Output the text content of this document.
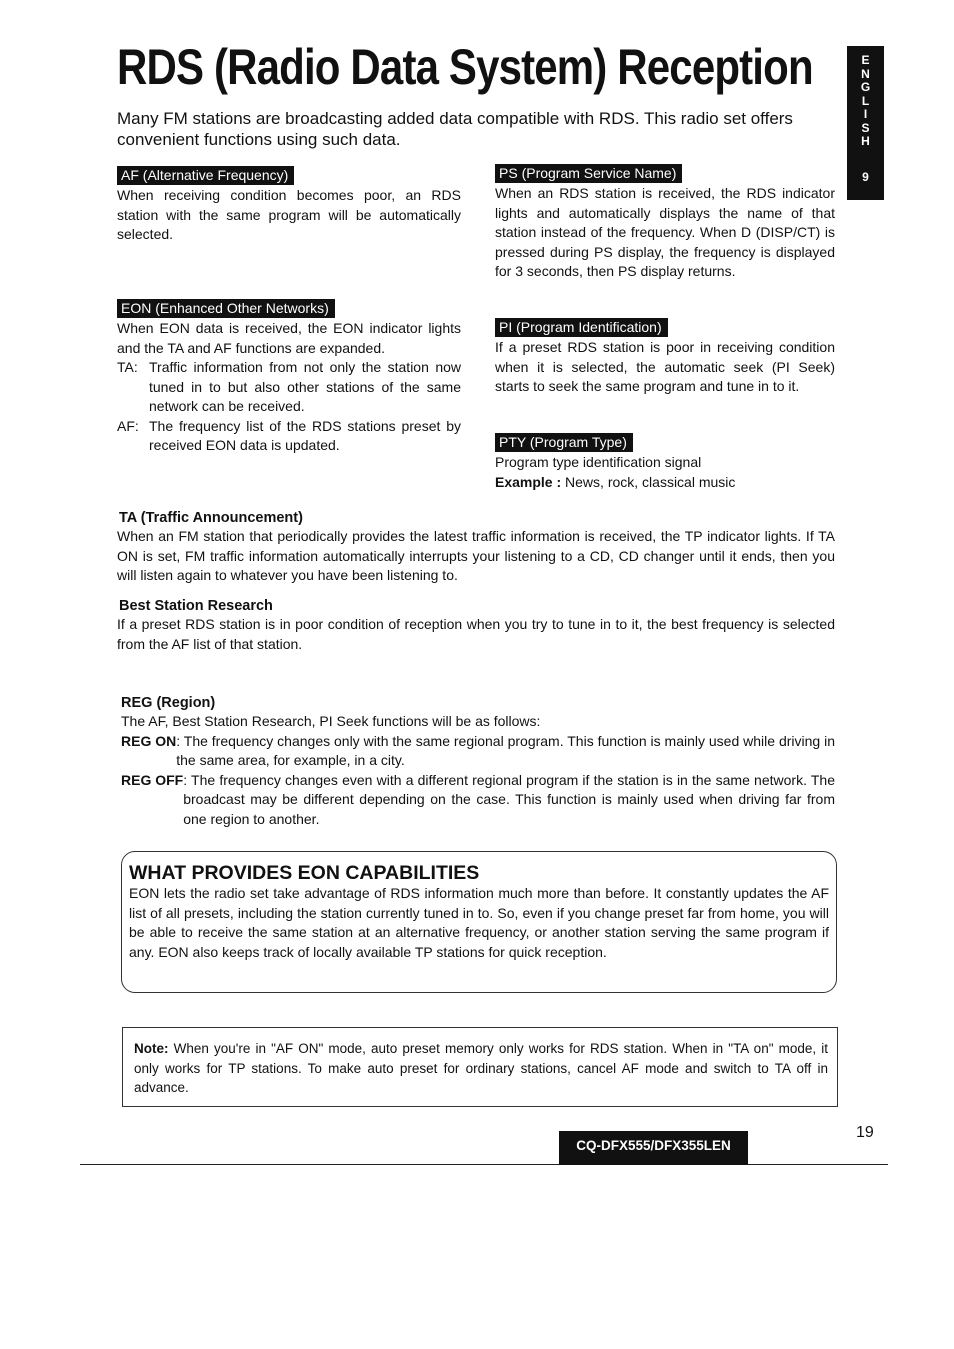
RDS (Radio Data System) Reception	E
N
G
L
I
S
H
9
Many FM stations are broadcasting added data compatible with RDS. This radio set offers convenient functions using such data.
AF (Alternative Frequency)
When receiving condition becomes poor, an RDS station with the same program will be automatically selected.
EON (Enhanced Other Networks)
When EON data is received, the EON indicator lights and the TA and AF functions are expanded.
TA: Traffic information from not only the station now tuned in to but also other stations of the same network can be received.
AF: The frequency list of the RDS stations preset by received EON data is updated.
PS (Program Service Name)
When an RDS station is received, the RDS indicator lights and automatically displays the name of that station instead of the frequency. When D (DISP/CT) is pressed during PS display, the frequency is displayed for 3 seconds, then PS display returns.
PI (Program Identification)
If a preset RDS station is poor in receiving condition when it is selected, the automatic seek (PI Seek) starts to seek the same program and tune in to it.
PTY (Program Type)
Program type identification signal
Example : News, rock, classical music
TA (Traffic Announcement)
When an FM station that periodically provides the latest traffic information is received, the TP indicator lights. If TA ON is set, FM traffic information automatically interrupts your listening to a CD, CD changer until it ends, then you will listen again to whatever you have been listening to.
Best Station Research
If a preset RDS station is in poor condition of reception when you try to tune in to it, the best frequency is selected from the AF list of that station.
REG (Region)
The AF, Best Station Research, PI Seek functions will be as follows:
REG ON : The frequency changes only with the same regional program. This function is mainly used while driving in the same area, for example, in a city.
REG OFF : The frequency changes even with a different regional program if the station is in the same network. The broadcast may be different depending on the case. This function is mainly used when driving far from one region to another.
WHAT PROVIDES EON CAPABILITIES
EON lets the radio set take advantage of RDS information much more than before. It constantly updates the AF list of all presets, including the station currently tuned in to. So, even if you change preset far from home, you will be able to receive the same station at an alternative frequency, or another station serving the same program if any. EON also keeps track of locally available TP stations for quick reception.
Note: When you're in "AF ON" mode, auto preset memory only works for RDS station. When in "TA on" mode, it only works for TP stations. To make auto preset for ordinary stations, cancel AF mode and switch to TA off in advance.
CQ-DFX555/DFX355LEN
19
